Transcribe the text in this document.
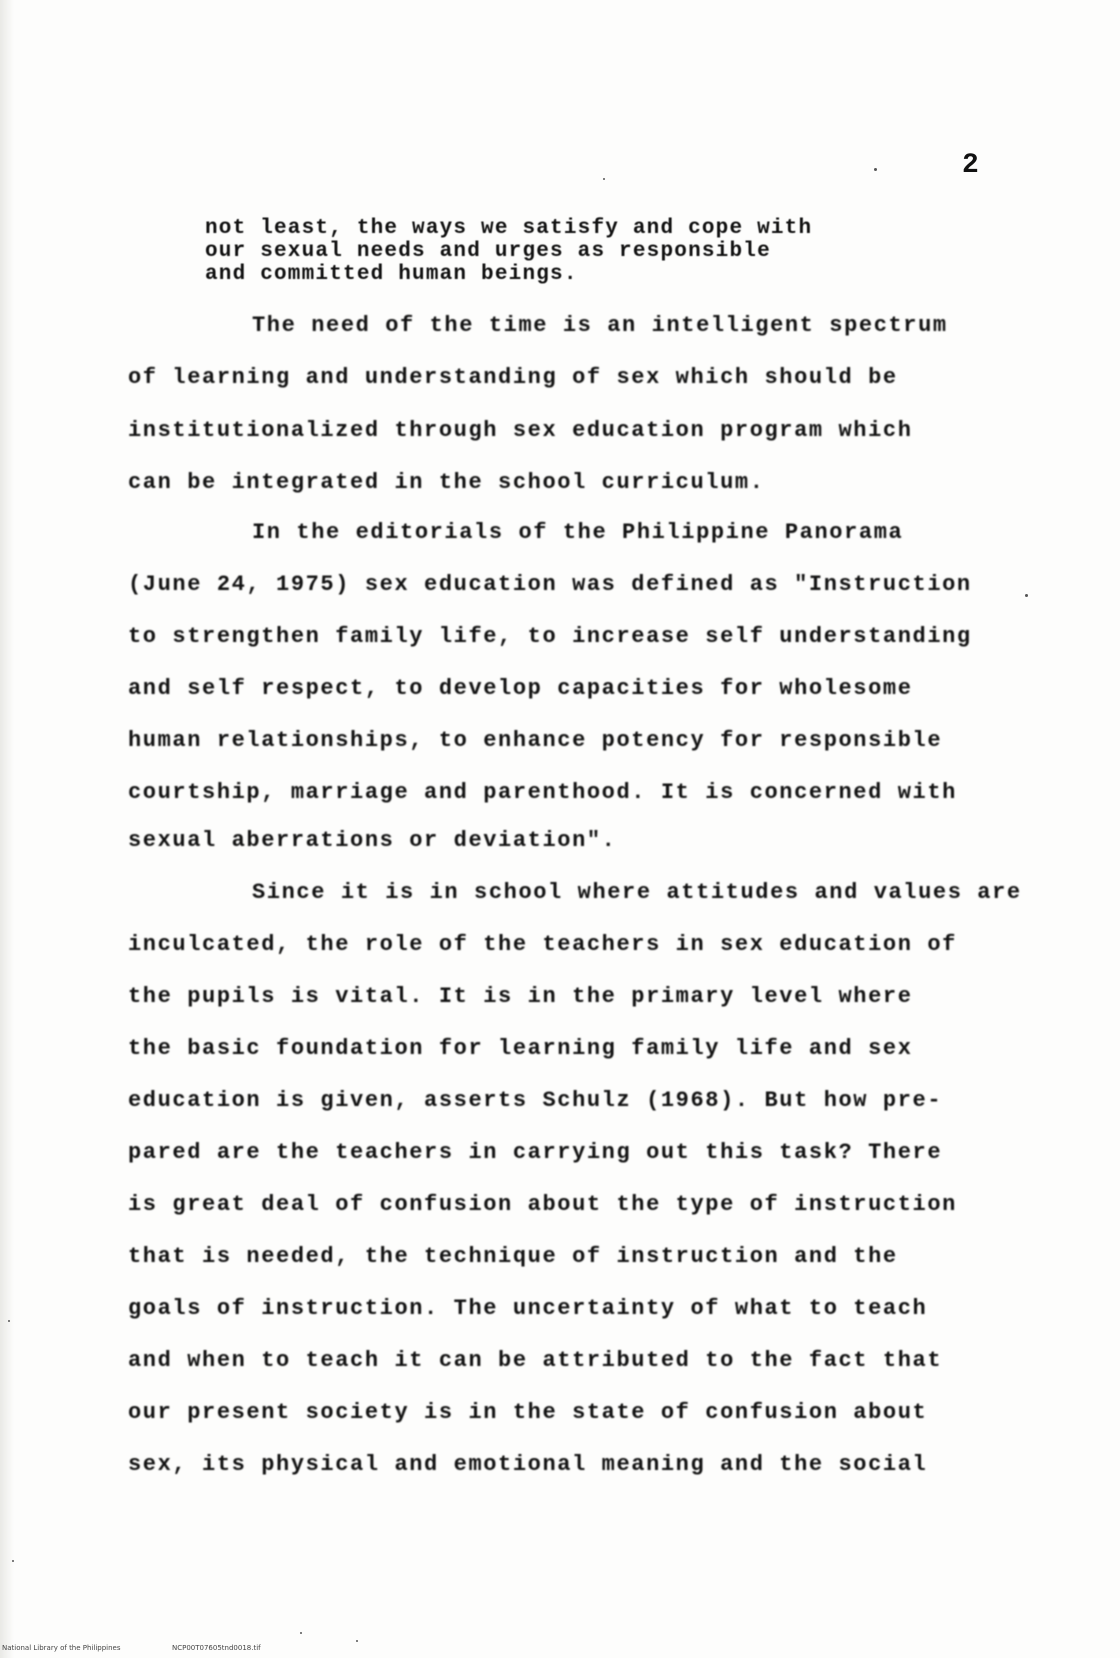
2
not least, the ways we satisfy and cope with
our sexual needs and urges as responsible
and committed human beings.
The need of the time is an intelligent spectrum
of learning and understanding of sex which should be
institutionalized through sex education program which
can be integrated in the school curriculum.
In the editorials of the Philippine Panorama
(June 24, 1975) sex education was defined as "Instruction
to strengthen family life, to increase self understanding
and self respect, to develop capacities for wholesome
human relationships, to enhance potency for responsible
courtship, marriage and parenthood. It is concerned with
sexual aberrations or deviation".
Since it is in school where attitudes and values are
inculcated, the role of the teachers in sex education of
the pupils is vital. It is in the primary level where
the basic foundation for learning family life and sex
education is given, asserts Schulz (1968). But how pre-
pared are the teachers in carrying out this task? There
is great deal of confusion about the type of instruction
that is needed, the technique of instruction and the
goals of instruction. The uncertainty of what to teach
and when to teach it can be attributed to the fact that
our present society is in the state of confusion about
sex, its physical and emotional meaning and the social
National Library of the Philippines	NCP00T07605tnd0018.tif
